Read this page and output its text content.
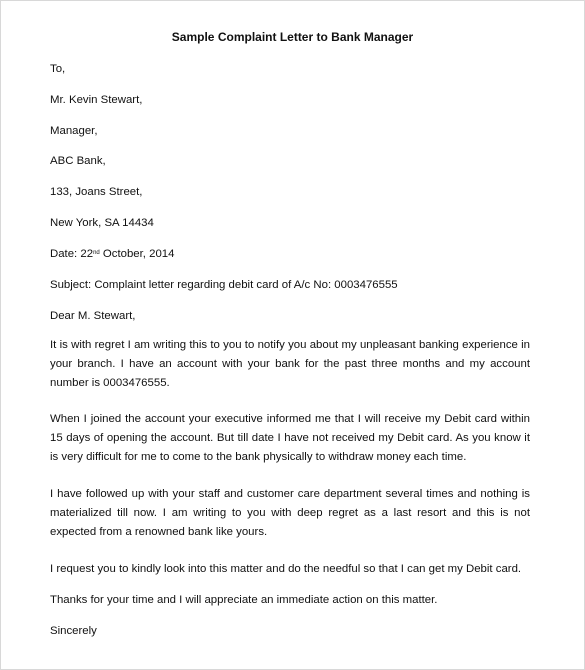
Sample Complaint Letter to Bank Manager
To,
Mr. Kevin Stewart,
Manager,
ABC Bank,
133, Joans Street,
New York, SA 14434
Date: 22nd October, 2014
Subject: Complaint letter regarding debit card of A/c No: 0003476555
Dear M. Stewart,
It is with regret I am writing this to you to notify you about my unpleasant banking experience in your branch. I have an account with your bank for the past three months and my account number is 0003476555.
When I joined the account your executive informed me that I will receive my Debit card within 15 days of opening the account. But till date I have not received my Debit card. As you know it is very difficult for me to come to the bank physically to withdraw money each time.
I have followed up with your staff and customer care department several times and nothing is materialized till now. I am writing to you with deep regret as a last resort and this is not expected from a renowned bank like yours.
I request you to kindly look into this matter and do the needful so that I can get my Debit card.
Thanks for your time and I will appreciate an immediate action on this matter.
Sincerely
